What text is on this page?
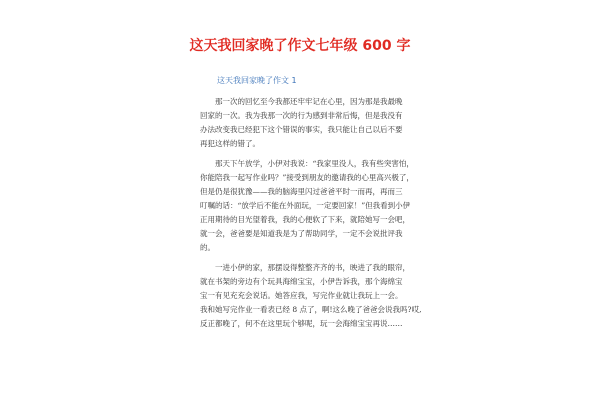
这天我回家晚了作文七年级 600 字
这天我回家晚了作文 1
　　那一次的回忆至今我都还牢牢记在心里，因为那是我最晚
回家的一次。我为我那一次的行为感到非常后悔，但是我没有
办法改变我已经犯下这个错误的事实，我只能让自己以后不要
再犯这样的错了。
　　那天下午放学，小伊对我说：“我家里没人，我有些突害怕，
你能陪我一起写作业吗？”接受到朋友的邀请我的心里高兴极了，
但是仍是很犹豫——我的脑海里闪过爸爸平时一而再，再而三
叮嘱的话：“放学后不能在外面玩，一定要回家！”但我看到小伊
正用期待的目光望着我，我的心便软了下来，就陪她写一会吧，
就一会，爸爸要是知道我是为了帮助同学，一定不会说批评我
的。
　　一进小伊的家，那摆设得整整齐齐的书，映进了我的眼帘，
就在书架的旁边有个玩具海绵宝宝，小伊告诉我，那个海绵宝
宝一有见充充会说话。她答应我，写完作业就让我玩上一会。
我和她写完作业一看表已经 8 点了，啊!这么晚了爸爸会说我吗?哎,
反正都晚了，何不在这里玩个够呢，玩一会海绵宝宝再说……
